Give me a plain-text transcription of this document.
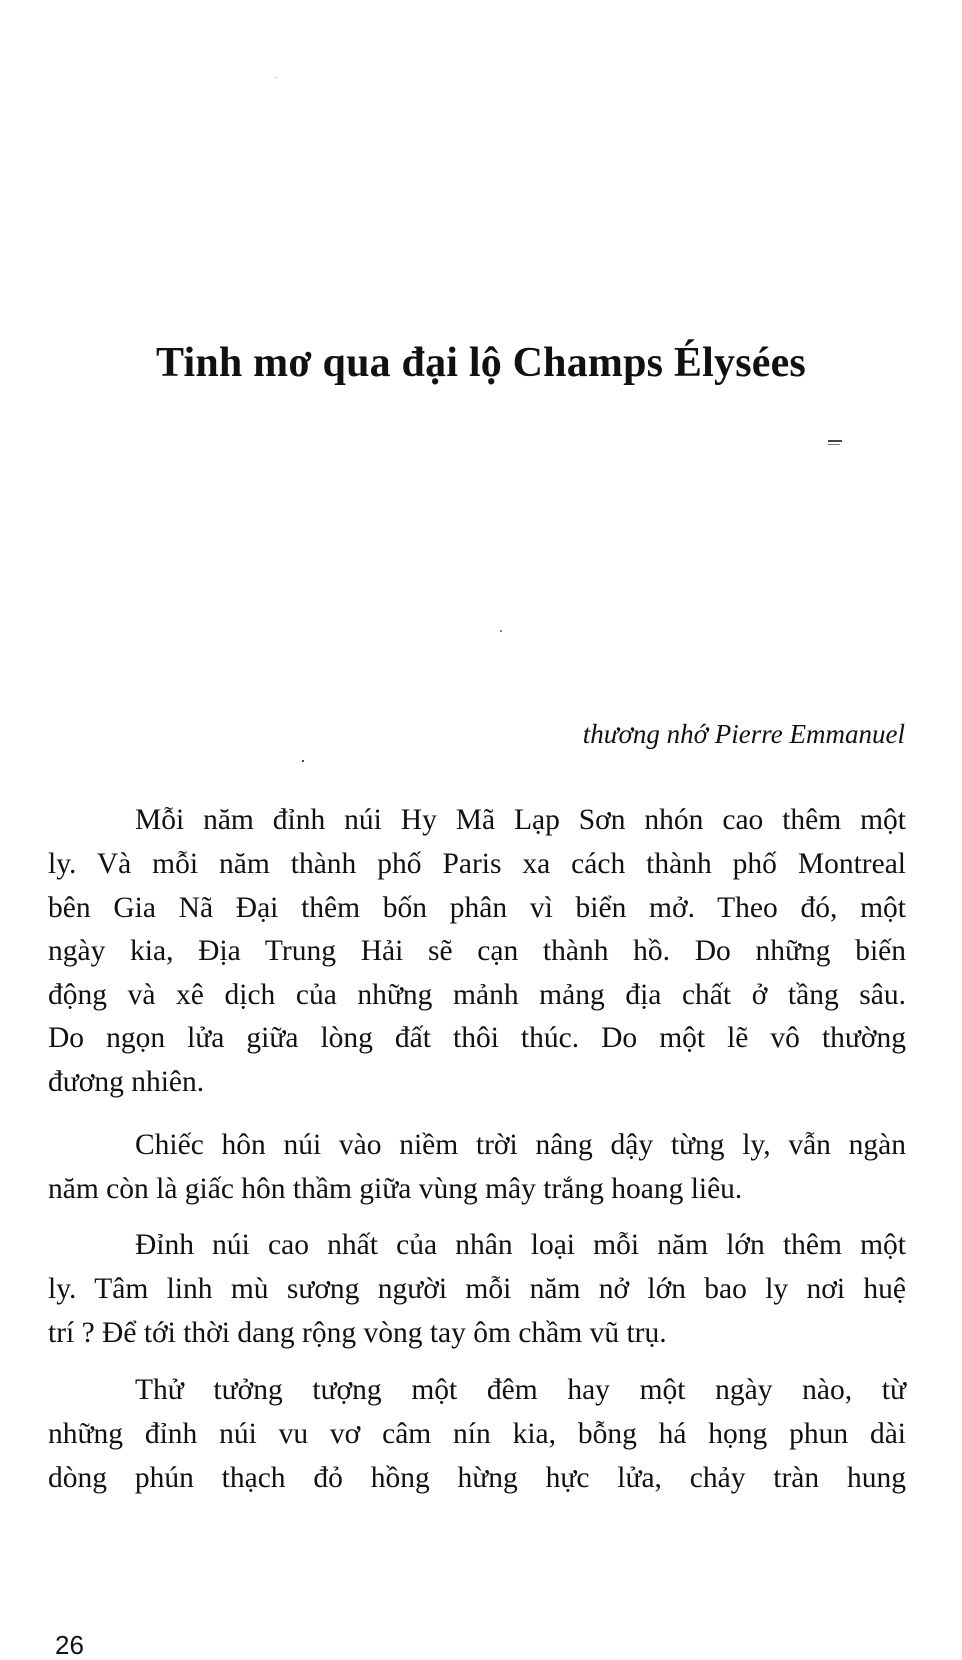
Tinh mơ qua đại lộ Champs Élysées
thương nhớ Pierre Emmanuel
Mỗi năm đỉnh núi Hy Mã Lạp Sơn nhón cao thêm một
ly. Và mỗi năm thành phố Paris xa cách thành phố Montreal
bên Gia Nã Đại thêm bốn phân vì biển mở. Theo đó, một
ngày kia, Địa Trung Hải sẽ cạn thành hồ. Do những biến
động và xê dịch của những mảnh mảng địa chất ở tầng sâu.
Do ngọn lửa giữa lòng đất thôi thúc. Do một lẽ vô thường
đương nhiên.
Chiếc hôn núi vào niềm trời nâng dậy từng ly, vẫn ngàn
năm còn là giấc hôn thầm giữa vùng mây trắng hoang liêu.
Đỉnh núi cao nhất của nhân loại mỗi năm lớn thêm một
ly. Tâm linh mù sương người mỗi năm nở lớn bao ly nơi huệ
trí ? Để tới thời dang rộng vòng tay ôm chầm vũ trụ.
Thử tưởng tượng một đêm hay một ngày nào, từ
những đỉnh núi vu vơ câm nín kia, bỗng há họng phun dài
dòng phún thạch đỏ hồng hừng hực lửa, chảy tràn hung
26
